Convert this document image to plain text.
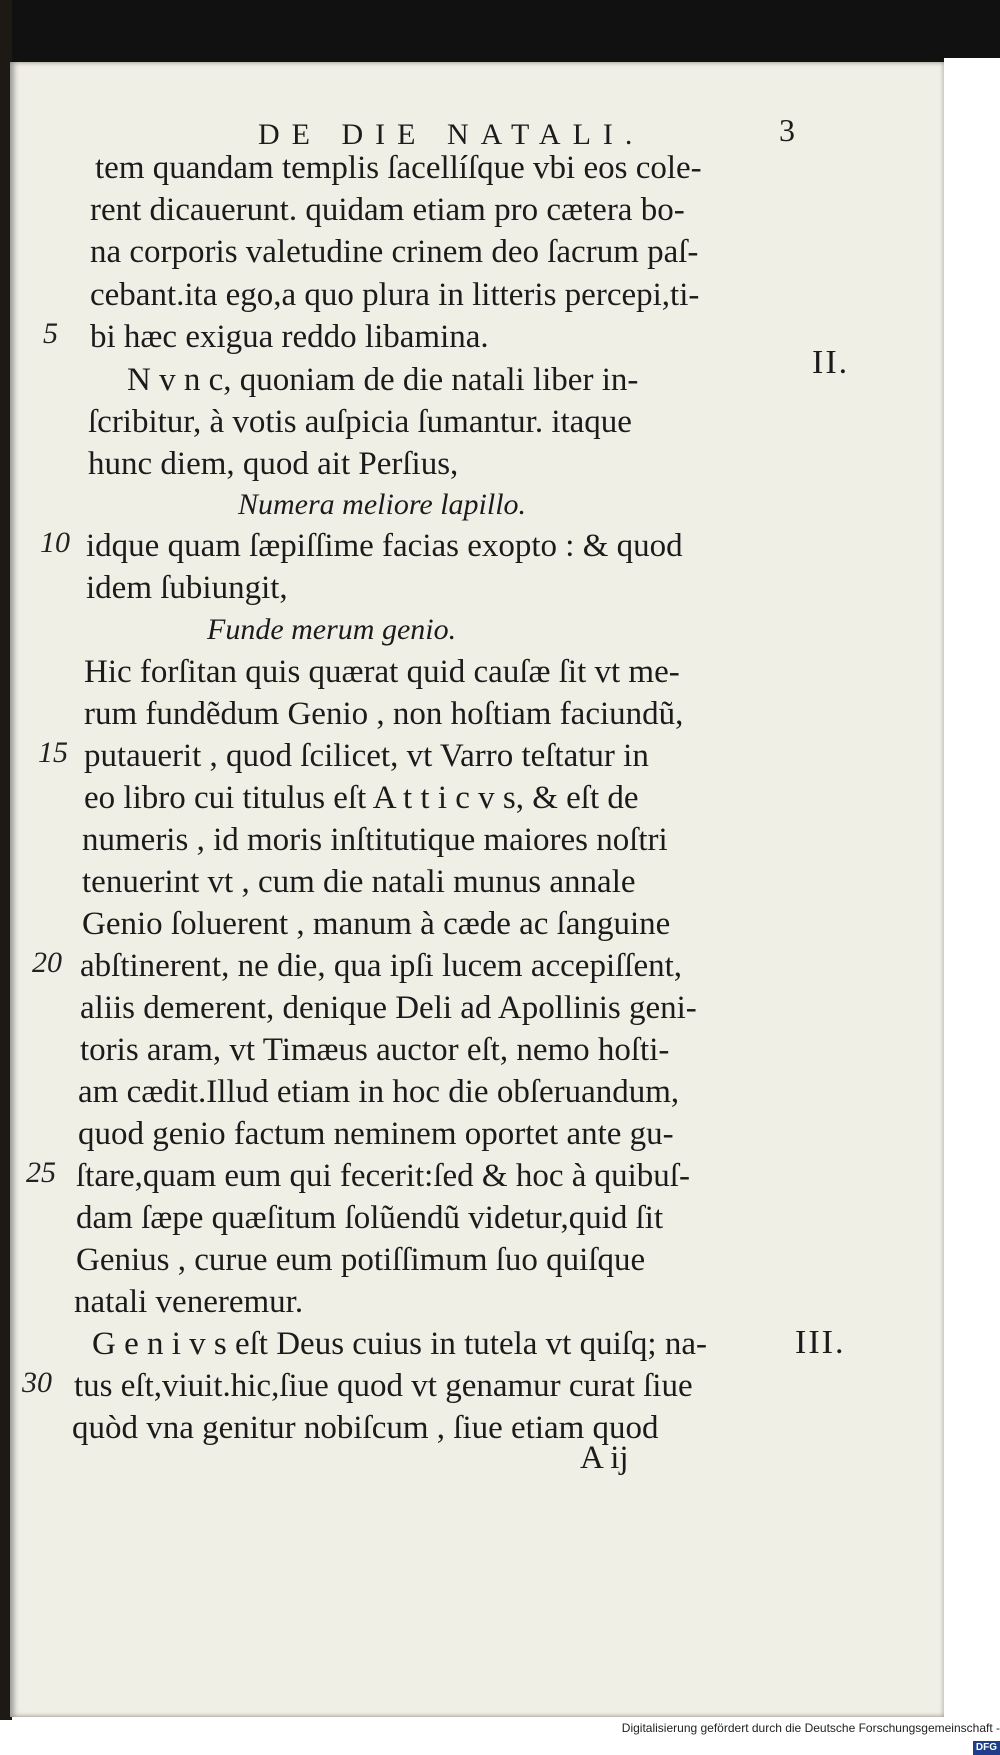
DE DIE NATALI.	3
tem quandam templis ſacellíſque vbi eos cole-
rent dicauerunt. quidam etiam pro cætera bo-
na corporis valetudine crinem deo ſacrum paſ-
cebant.ita ego,a quo plura in litteris percepi,ti-
bi hæc exigua reddo libamina.
N v n c, quoniam de die natali liber in-
ſcribitur, à votis auſpicia ſumantur. itaque
hunc diem, quod ait Perſius,
Numera meliore lapillo.
idque quam ſæpiſſime facias exopto : & quod
idem ſubiungit,
Funde merum genio.
Hic forſitan quis quærat quid cauſæ ſit vt me-
rum fundẽdum Genio , non hoſtiam faciundũ,
putauerit , quod ſcilicet, vt Varro teſtatur in
eo libro cui titulus eſt A t t i c v s, & eſt de
numeris , id moris inſtitutique maiores noſtri
tenuerint vt , cum die natali munus annale
Genio ſoluerent , manum à cæde ac ſanguine
abſtinerent, ne die, qua ipſi lucem accepiſſent,
aliis demerent, denique Deli ad Apollinis geni-
toris aram, vt Timæus auctor eſt, nemo hoſti-
am cædit.Illud etiam in hoc die obſeruandum,
quod genio factum neminem oportet ante gu-
ſtare,quam eum qui fecerit:ſed & hoc à quibuſ-
dam ſæpe quæſitum ſolũendũ videtur,quid ſit
Genius , curue eum potiſſimum ſuo quiſque
natali veneremur.
G e n i v s eſt Deus cuius in tutela vt quiſq; na-
tus eſt,viuit.hic,ſiue quod vt genamur curat ſiue
quòd vna genitur nobiſcum , ſiue etiam quod
5
10
15
20
25
30
II.
III.
A ij
Digitalisierung gefördert durch die Deutsche Forschungsgemeinschaft -DFG
